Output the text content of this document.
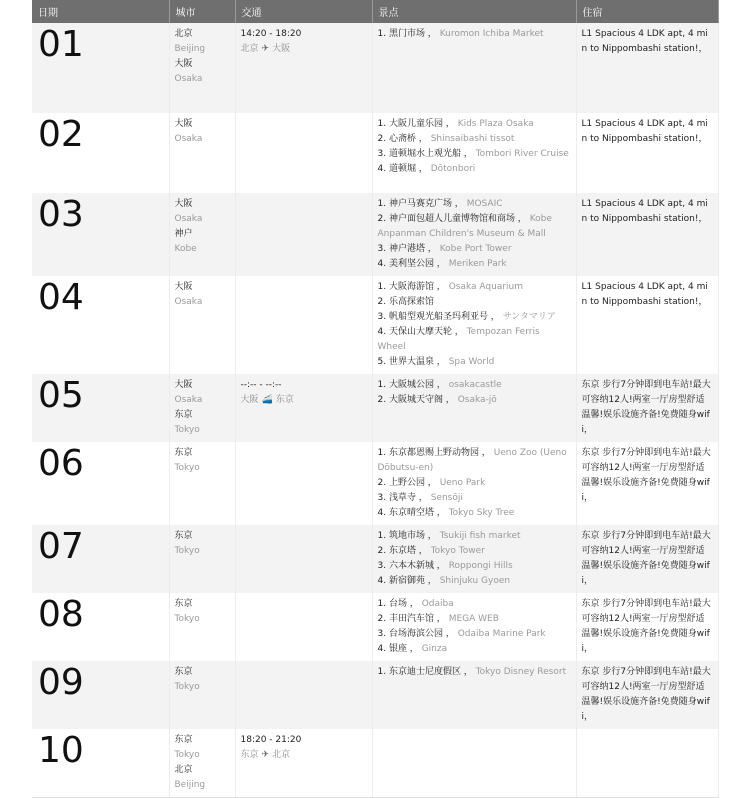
日期	城市	交通	景点	住宿
01	北京
Beijing
大阪
Osaka	14:20 - 18:20
北京 ✈ 大阪	1. 黑门市场 ， Kuromon Ichiba Market	L1 Spacious 4 LDK apt, 4 min to Nippombashi station!，
02	大阪
Osaka		1. 大阪儿童乐园 ， Kids Plaza Osaka
2. 心斋桥 ， Shinsaibashi tissot
3. 道顿堀水上观光船 ， Tombori River Cruise
4. 道顿堀 ， Dōtonbori	L1 Spacious 4 LDK apt, 4 min to Nippombashi station!，
03	大阪
Osaka
神户
Kobe		1. 神户马赛克广场 ， MOSAIC
2. 神户面包超人儿童博物馆和商场 ， Kobe Anpanman Children's Museum & Mall
3. 神户港塔 ， Kobe Port Tower
4. 美利坚公园 ， Meriken Park	L1 Spacious 4 LDK apt, 4 min to Nippombashi station!，
04	大阪
Osaka		1. 大阪海游馆 ， Osaka Aquarium
2. 乐高探索馆
3. 帆船型观光船圣玛利亚号 ， サンタマリア
4. 天保山大摩天轮 ， Tempozan Ferris Wheel
5. 世界大温泉 ， Spa World	L1 Spacious 4 LDK apt, 4 min to Nippombashi station!，
05	大阪
Osaka
东京
Tokyo	--:-- - --:--
大阪 🚄 东京	1. 大阪城公园 ， osakacastle
2. 大阪城天守阁 ， Osaka-jō	东京 步行7分钟即到电车站!最大可容纳12人!两室一厅房型舒适温馨!娱乐设施齐备!免费随身wifi，
06	东京
Tokyo		1. 东京都恩赐上野动物园 ， Ueno Zoo (Ueno Dōbutsu-en)
2. 上野公园 ， Ueno Park
3. 浅草寺 ， Sensōji
4. 东京晴空塔 ， Tokyo Sky Tree	东京 步行7分钟即到电车站!最大可容纳12人!两室一厅房型舒适温馨!娱乐设施齐备!免费随身wifi，
07	东京
Tokyo		1. 筑地市场 ， Tsukiji fish market
2. 东京塔 ， Tokyo Tower
3. 六本木新城 ， Roppongi Hills
4. 新宿御苑 ， Shinjuku Gyoen	东京 步行7分钟即到电车站!最大可容纳12人!两室一厅房型舒适温馨!娱乐设施齐备!免费随身wifi，
08	东京
Tokyo		1. 台场 ， Odaiba
2. 丰田汽车馆 ， MEGA WEB
3. 台场海滨公园 ， Odaiba Marine Park
4. 银座 ， Ginza	东京 步行7分钟即到电车站!最大可容纳12人!两室一厅房型舒适温馨!娱乐设施齐备!免费随身wifi，
09	东京
Tokyo		1. 东京迪士尼度假区 ， Tokyo Disney Resort	东京 步行7分钟即到电车站!最大可容纳12人!两室一厅房型舒适温馨!娱乐设施齐备!免费随身wifi，
10	东京
Tokyo
北京
Beijing	18:20 - 21:20
东京 ✈ 北京		
